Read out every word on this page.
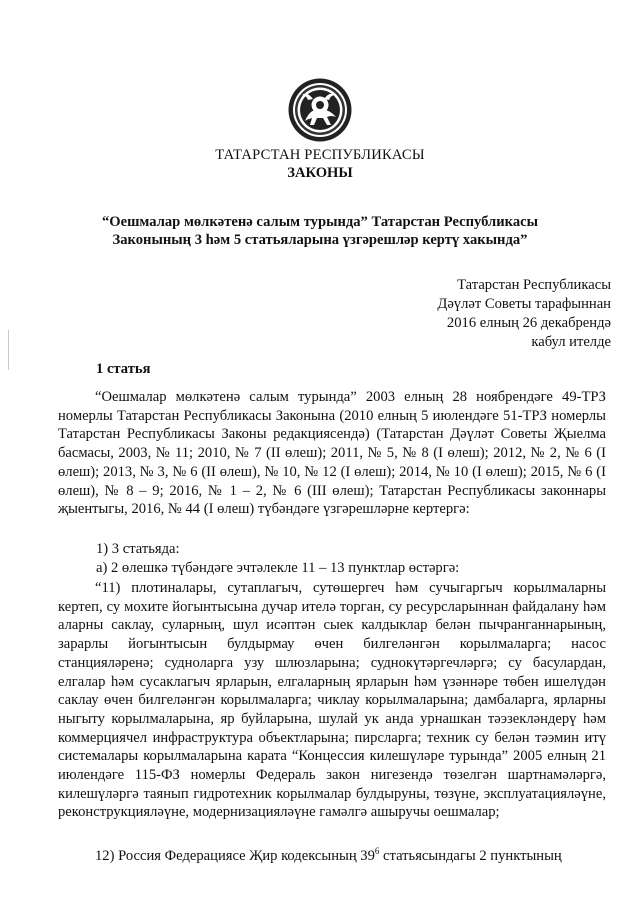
ТАТАРСТАН РЕСПУБЛИКАСЫ
ЗАКОНЫ
“Оешмалар мөлкәтенә салым турында” Татарстан Республикасы
Законының 3 һәм 5 статьяларына үзгәрешләр кертү хакында”
Татарстан Республикасы
Дәүләт Советы тарафыннан
2016 елның 26 декабрендә
кабул ителде
1 статья
“Оешмалар мөлкәтенә салым турында” 2003 елның 28 ноябрендәге 49-ТРЗ номерлы Татарстан Республикасы Законына (2010 елның 5 июлендәге 51-ТРЗ номерлы Татарстан Республикасы Законы редакциясендә) (Татарстан Дәүләт Советы Җыелма басмасы, 2003, № 11; 2010, № 7 (II өлеш); 2011, № 5, № 8 (I өлеш); 2012, № 2, № 6 (I өлеш); 2013, № 3, № 6 (II өлеш), № 10, № 12 (I өлеш); 2014, № 10 (I өлеш); 2015, № 6 (I өлеш), № 8 – 9; 2016, № 1 – 2, № 6 (III өлеш); Татарстан Республикасы законнары җыентыгы, 2016, № 44 (I өлеш) түбәндәге үзгәрешләрне кертергә:
1) 3 статьяда:
а) 2 өлешкә түбәндәге эчтәлекле 11 – 13 пунктлар өстәргә:
“11) плотиналары, сутаплагыч, сутөшергеч һәм сучыгаргыч корылмаларны кертеп, су мохите йогынтысына дучар ителә торган, су ресурсларыннан файдалану һәм аларны саклау, суларның, шул исәптән сыек калдыклар белән пычранганнарының, зарарлы йогынтысын булдырмау өчен билгеләнгән корылмаларга; насос станцияләренә; судноларга узу шлюзларына; суднокүтәргечләргә; су басулардан, елгалар һәм сусаклагыч ярларын, елгаларның ярларын һәм үзәннәре төбен ишелүдән саклау өчен билгеләнгән корылмаларга; чиклау корылмаларына; дамбаларга, ярларны ныгыту корылмаларына, яр буйларына, шулай ук анда урнашкан тәэзекләндерү һәм коммерциячел инфраструктура объектларына; пирсларга; техник су белән тәэмин итү системалары корылмаларына карата “Концессия килешүләре турында” 2005 елның 21 июлендәге 115-ФЗ номерлы Федераль закон нигезендә төзелгән шартнамәләргә, килешүләргә таянып гидротехник корылмалар булдыруны, төзүне, эксплуатацияләүне, реконструкцияләүне, модернизацияләүне гамәлгә ашыручы оешмалар;
12) Россия Федерациясе Җир кодексының $39^6$ статьясындагы 2 пунктының
